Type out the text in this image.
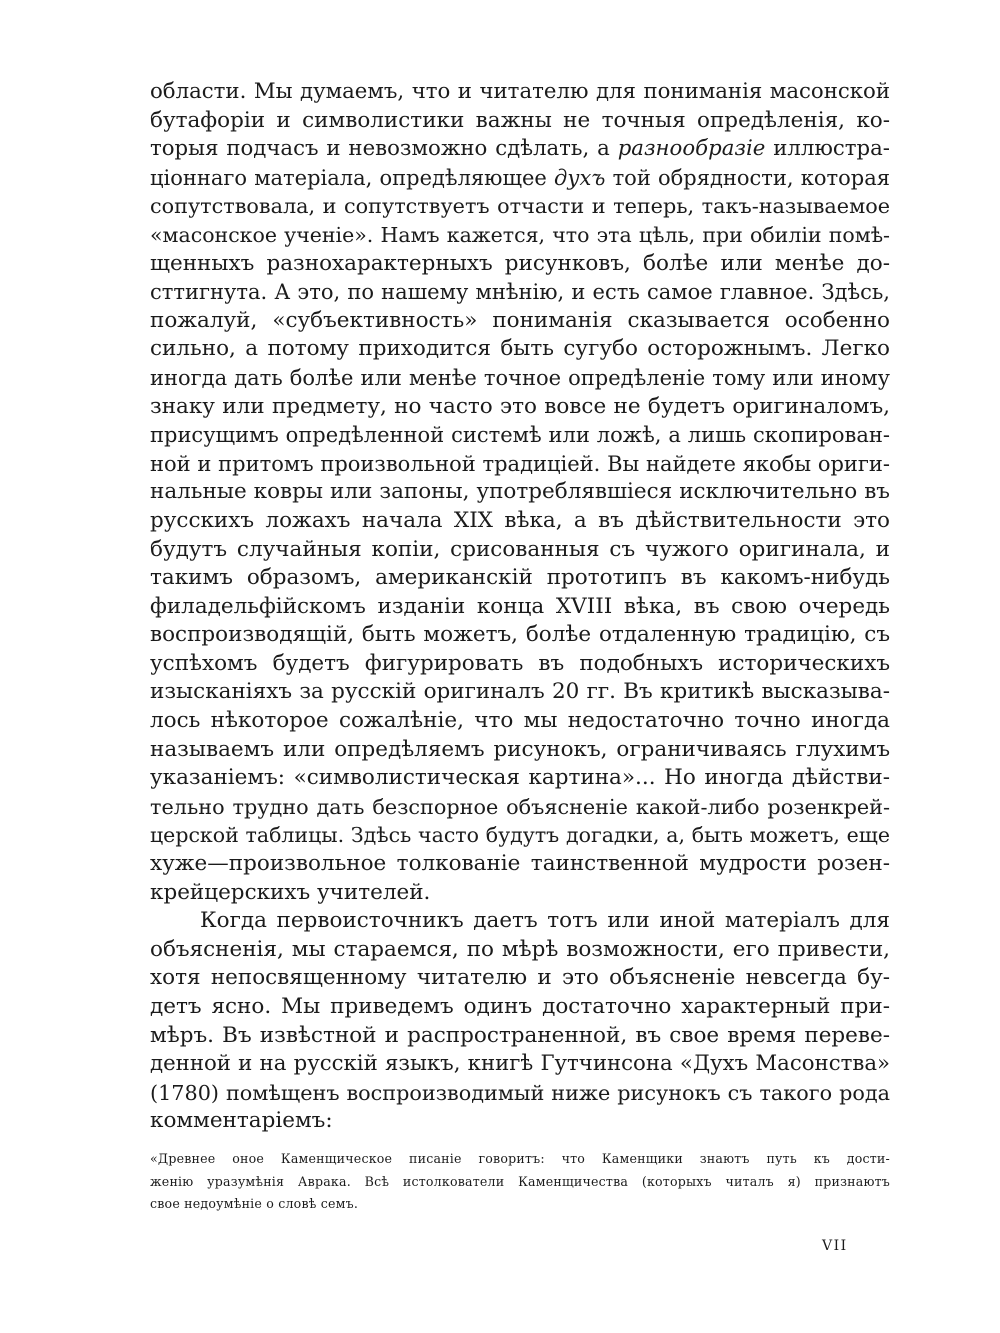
области. Мы думаемъ, что и читателю для пониманія масонской
бутафоріи и символистики важны не точныя опредѣленія, ко-
торыя подчасъ и невозможно сдѣлать, а разнообразіе иллюстра-
ціоннаго матеріала, опредѣляющее духъ той обрядности, которая
сопутствовала, и сопутствуетъ отчасти и теперь, такъ-называемое
«масонское ученіе». Намъ кажется, что эта цѣль, при обиліи помѣ-
щенныхъ разнохарактерныхъ рисунковъ, болѣе или менѣе до-
сттигнута. А это, по нашему мнѣнію, и есть самое главное. Здѣсь,
пожалуй, «субъективность» пониманія сказывается особенно
сильно, а потому приходится быть сугубо осторожнымъ. Легко
иногда дать болѣе или менѣе точное опредѣленіе тому или иному
знаку или предмету, но часто это вовсе не будетъ оригиналомъ,
присущимъ опредѣленной системѣ или ложѣ, а лишь скопирован-
ной и притомъ произвольной традиціей. Вы найдете якобы ориги-
нальные ковры или запоны, употреблявшіеся исключительно въ
русскихъ ложахъ начала XIX вѣка, а въ дѣйствительности это
будутъ случайныя копіи, срисованныя съ чужого оригинала, и
такимъ образомъ, американскій прототипъ въ какомъ-нибудь
филадельфійскомъ изданіи конца XVIII вѣка, въ свою очередь
воспроизводящій, быть можетъ, болѣе отдаленную традицію, съ
успѣхомъ будетъ фигурировать въ подобныхъ историческихъ
изысканіяхъ за русскій оригиналъ 20 гг. Въ критикѣ высказыва-
лось нѣкоторое сожалѣніе, что мы недостаточно точно иногда
называемъ или опредѣляемъ рисунокъ, ограничиваясь глухимъ
указаніемъ: «символистическая картина»... Но иногда дѣйстви-
тельно трудно дать безспорное объясненіе какой-либо розенкрей-
церской таблицы. Здѣсь часто будутъ догадки, а, быть можетъ, еще
хуже—произвольное толкованіе таинственной мудрости розен-
крейцерскихъ учителей.
Когда первоисточникъ даетъ тотъ или иной матеріалъ для
объясненія, мы стараемся, по мѣрѣ возможности, его привести,
хотя непосвященному читателю и это объясненіе невсегда бу-
детъ ясно. Мы приведемъ одинъ достаточно характерный при-
мѣръ. Въ извѣстной и распространенной, въ свое время переве-
денной и на русскій языкъ, книгѣ Гутчинсона «Духъ Масонства»
(1780) помѣщенъ воспроизводимый ниже рисунокъ съ такого рода
комментаріемъ:
«Древнее оное Каменщическое писаніе говоритъ: что Каменщики знаютъ путь къ дости-
женію уразумѣнія Аврака. Всѣ истолкователи Каменщичества (которыхъ читалъ я) признаютъ
свое недоумѣніе о словѣ семъ.
VII
